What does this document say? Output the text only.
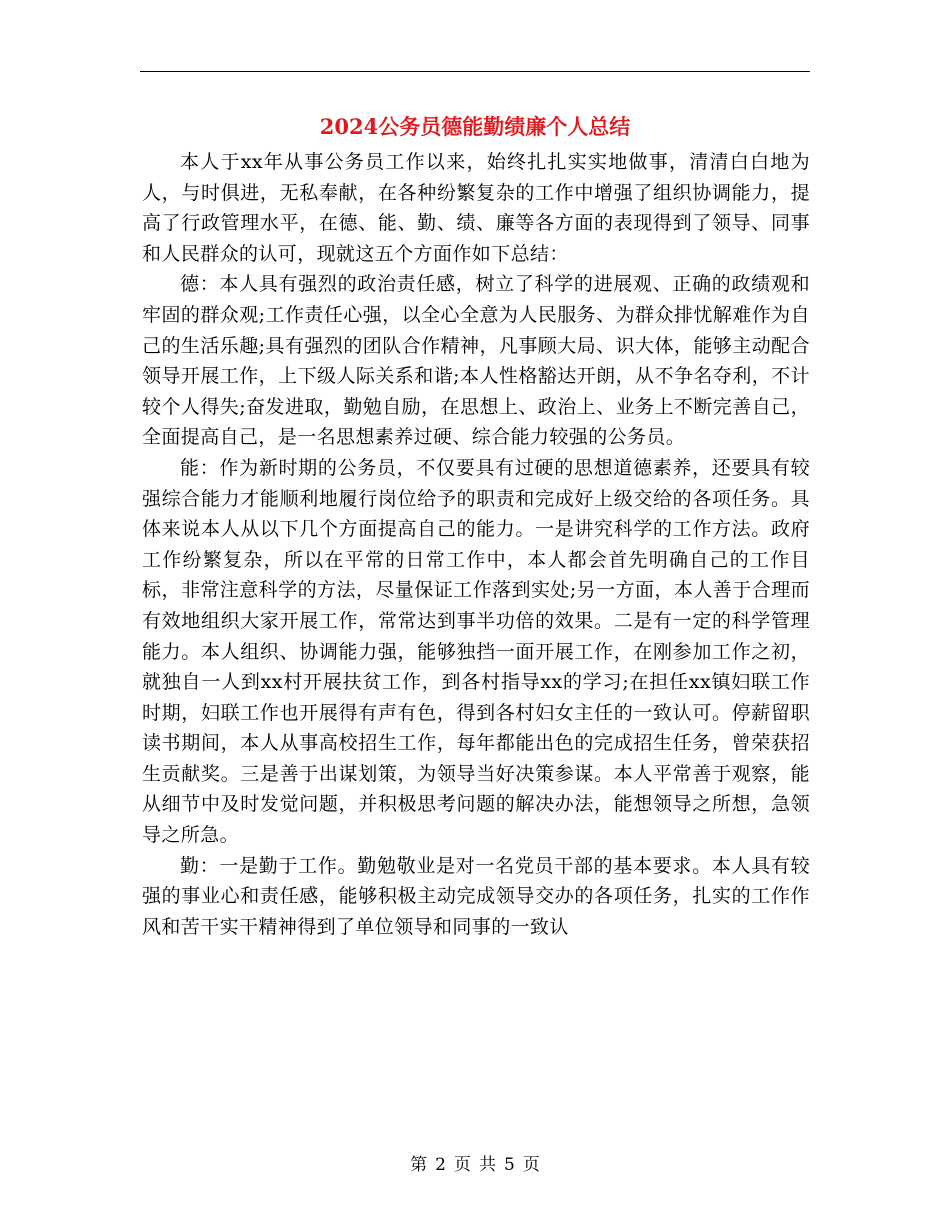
2024公务员德能勤绩廉个人总结

本人于xx年从事公务员工作以来，始终扎扎实实地做事，清清白白地为人，与时俱进，无私奉献，在各种纷繁复杂的工作中增强了组织协调能力，提高了行政管理水平，在德、能、勤、绩、廉等各方面的表现得到了领导、同事和人民群众的认可，现就这五个方面作如下总结：

德：本人具有强烈的政治责任感，树立了科学的进展观、正确的政绩观和牢固的群众观;工作责任心强，以全心全意为人民服务、为群众排忧解难作为自己的生活乐趣;具有强烈的团队合作精神，凡事顾大局、识大体，能够主动配合领导开展工作，上下级人际关系和谐;本人性格豁达开朗，从不争名夺利，不计较个人得失;奋发进取，勤勉自励，在思想上、政治上、业务上不断完善自己，全面提高自己，是一名思想素养过硬、综合能力较强的公务员。

能：作为新时期的公务员，不仅要具有过硬的思想道德素养，还要具有较强综合能力才能顺利地履行岗位给予的职责和完成好上级交给的各项任务。具体来说本人从以下几个方面提高自己的能力。一是讲究科学的工作方法。政府工作纷繁复杂，所以在平常的日常工作中，本人都会首先明确自己的工作目标，非常注意科学的方法，尽量保证工作落到实处;另一方面，本人善于合理而有效地组织大家开展工作，常常达到事半功倍的效果。二是有一定的科学管理能力。本人组织、协调能力强，能够独挡一面开展工作，在刚参加工作之初，就独自一人到xx村开展扶贫工作，到各村指导xx的学习;在担任xx镇妇联工作时期，妇联工作也开展得有声有色，得到各村妇女主任的一致认可。停薪留职读书期间，本人从事高校招生工作，每年都能出色的完成招生任务，曾荣获招生贡献奖。三是善于出谋划策，为领导当好决策参谋。本人平常善于观察，能从细节中及时发觉问题，并积极思考问题的解决办法，能想领导之所想，急领导之所急。

勤：一是勤于工作。勤勉敬业是对一名党员干部的基本要求。本人具有较强的事业心和责任感，能够积极主动完成领导交办的各项任务，扎实的工作作风和苦干实干精神得到了单位领导和同事的一致认

第 2 页 共 5 页
